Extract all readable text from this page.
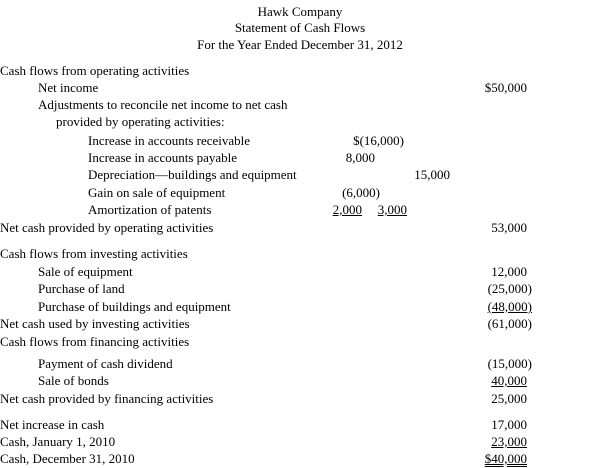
Hawk Company
Statement of Cash Flows
For the Year Ended December 31, 2012
Cash flows from operating activities
Net income	$50,000
Adjustments to reconcile net income to net cash
provided by operating activities:
Increase in accounts receivable	$(16,000)
Increase in accounts payable	8,000
Depreciation—buildings and equipment	15,000
Gain on sale of equipment	(6,000)
Amortization of patents	2,000 3,000
Net cash provided by operating activities	53,000
Cash flows from investing activities
Sale of equipment	12,000
Purchase of land	(25,000)
Purchase of buildings and equipment	(48,000)
Net cash used by investing activities	(61,000)
Cash flows from financing activities
Payment of cash dividend	(15,000)
Sale of bonds	40,000
Net cash provided by financing activities	25,000
Net increase in cash	17,000
Cash, January 1, 2010	23,000
Cash, December 31, 2010	$40,000
